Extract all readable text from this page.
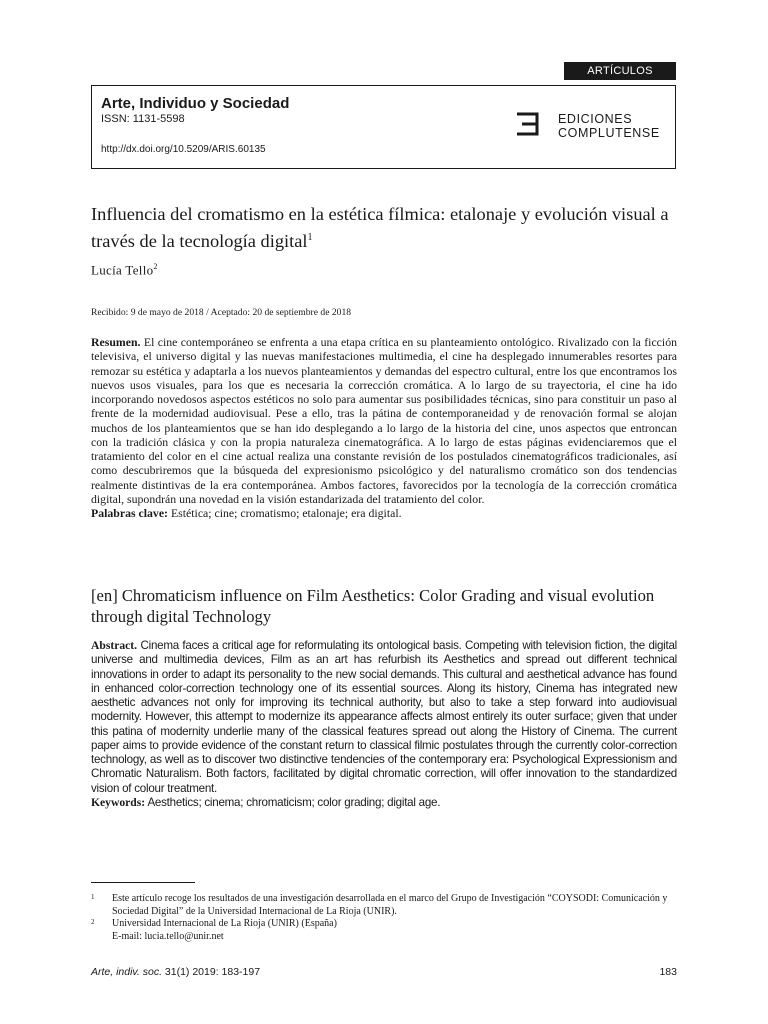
ARTÍCULOS
Arte, Individuo y Sociedad
ISSN: 1131-5598
http://dx.doi.org/10.5209/ARIS.60135
EDICIONES
COMPLUTENSE
Influencia del cromatismo en la estética fílmica: etalonaje y evolución visual a través de la tecnología digital$^1$
Lucía Tello$^2$
Recibido: 9 de mayo de 2018 / Aceptado: 20 de septiembre de 2018

Resumen. El cine contemporáneo se enfrenta a una etapa crítica en su planteamiento ontológico. Rivalizado con la ficción televisiva, el universo digital y las nuevas manifestaciones multimedia, el cine ha desplegado innumerables resortes para remozar su estética y adaptarla a los nuevos planteamientos y demandas del espectro cultural, entre los que encontramos los nuevos usos visuales, para los que es necesaria la corrección cromática. A lo largo de su trayectoria, el cine ha ido incorporando novedosos aspectos estéticos no solo para aumentar sus posibilidades técnicas, sino para constituir un paso al frente de la modernidad audiovisual. Pese a ello, tras la pátina de contemporaneidad y de renovación formal se alojan muchos de los planteamientos que se han ido desplegando a lo largo de la historia del cine, unos aspectos que entroncan con la tradición clásica y con la propia naturaleza cinematográfica. A lo largo de estas páginas evidenciaremos que el tratamiento del color en el cine actual realiza una constante revisión de los postulados cinematográficos tradicionales, así como descubriremos que la búsqueda del expresionismo psicológico y del naturalismo cromático son dos tendencias realmente distintivas de la era contemporánea. Ambos factores, favorecidos por la tecnología de la corrección cromática digital, supondrán una novedad en la visión estandarizada del tratamiento del color.

Palabras clave: Estética; cine; cromatismo; etalonaje; era digital.

[en] Chromaticism influence on Film Aesthetics: Color Grading and visual evolution through digital Technology

Abstract. Cinema faces a critical age for reformulating its ontological basis. Competing with television fiction, the digital universe and multimedia devices, Film as an art has refurbish its Aesthetics and spread out different technical innovations in order to adapt its personality to the new social demands. This cultural and aesthetical advance has found in enhanced color-correction technology one of its essential sources. Along its history, Cinema has integrated new aesthetic advances not only for improving its technical authority, but also to take a step forward into audiovisual modernity. However, this attempt to modernize its appearance affects almost entirely its outer surface; given that under this patina of modernity underlie many of the classical features spread out along the History of Cinema. The current paper aims to provide evidence of the constant return to classical filmic postulates through the currently color-correction technology, as well as to discover two distinctive tendencies of the contemporary era: Psychological Expressionism and Chromatic Naturalism. Both factors, facilitated by digital chromatic correction, will offer innovation to the standardized vision of colour treatment.

Keywords: Aesthetics; cinema; chromaticism; color grading; digital age.

1 Este artículo recoge los resultados de una investigación desarrollada en el marco del Grupo de Investigación “COYSODI: Comunicación y Sociedad Digital” de la Universidad Internacional de La Rioja (UNIR).
2 Universidad Internacional de La Rioja (UNIR) (España)
E-mail: lucia.tello@unir.net
Arte, indiv. soc. 31(1) 2019: 183-197	183
